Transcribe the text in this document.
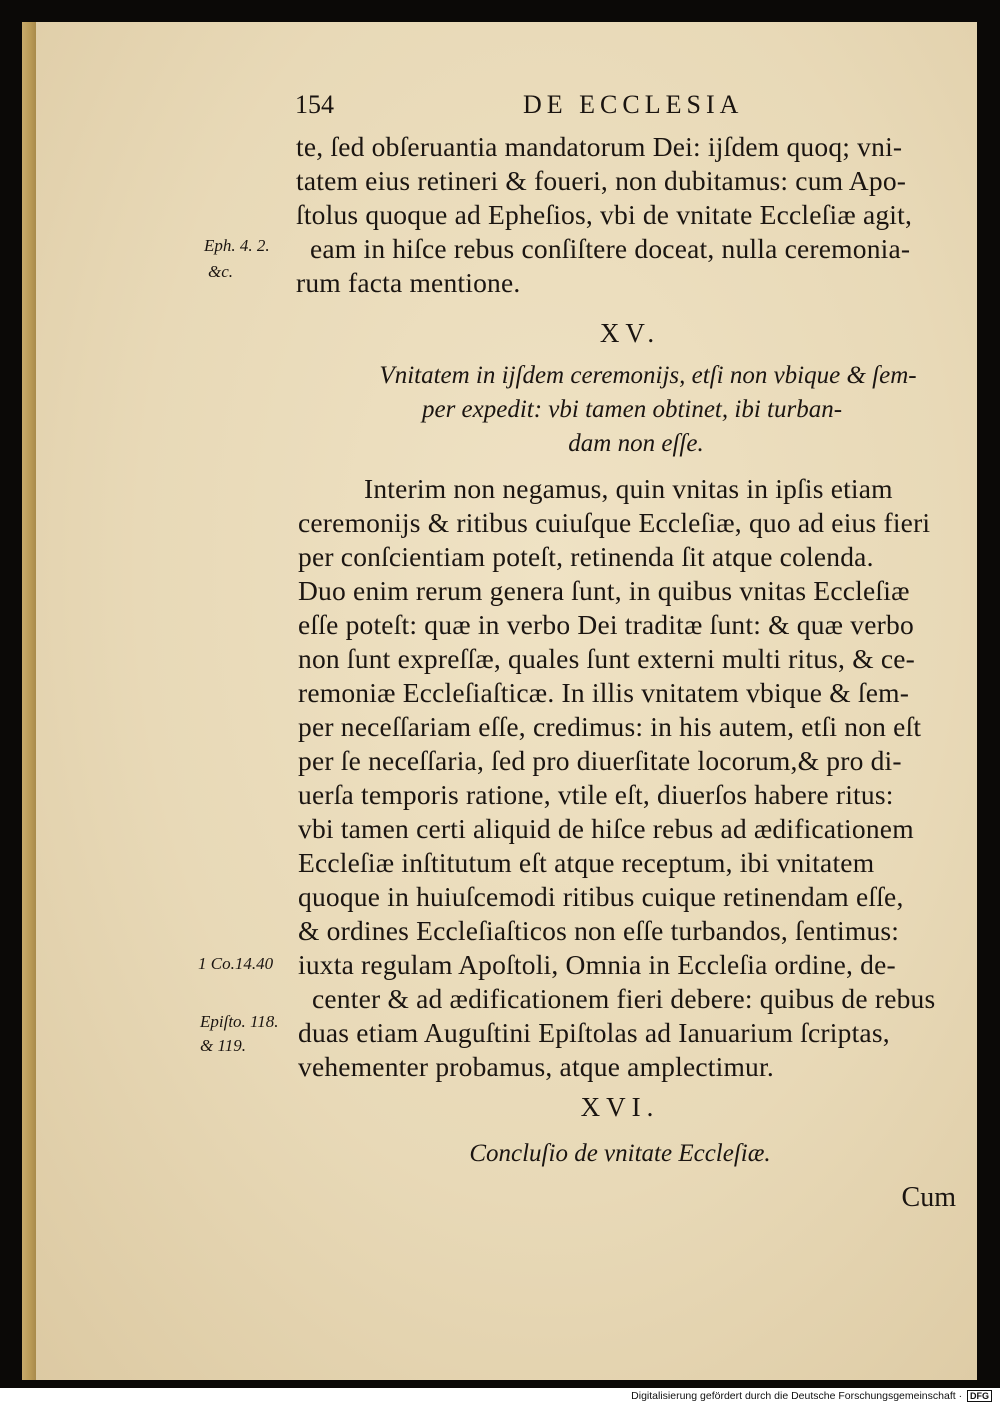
154	DE ECCLESIA
te, ſed obſeruantia mandatorum Dei: ijſdem quoq; vni-
tatem eius retineri & foueri, non dubitamus: cum Apo-
ſtolus quoque ad Epheſios, vbi de vnitate Eccleſiæ agit,
eam in hiſce rebus conſiſtere doceat, nulla ceremonia-
rum facta mentione.
Eph. 4. 2.
&c.
XV.
Vnitatem in ijſdem ceremonijs, etſi non vbique & ſem-
per expedit: vbi tamen obtinet, ibi turban-
dam non eſſe.
Interim non negamus, quin vnitas in ipſis etiam
ceremonijs & ritibus cuiuſque Eccleſiæ, quo ad eius fieri
per conſcientiam poteſt, retinenda ſit atque colenda.
Duo enim rerum genera ſunt, in quibus vnitas Eccleſiæ
eſſe poteſt: quæ in verbo Dei traditæ ſunt: & quæ verbo
non ſunt expreſſæ, quales ſunt externi multi ritus, & ce-
remoniæ Eccleſiaſticæ. In illis vnitatem vbique & ſem-
per neceſſariam eſſe, credimus: in his autem, etſi non eſt
per ſe neceſſaria, ſed pro diuerſitate locorum,& pro di-
uerſa temporis ratione, vtile eſt, diuerſos habere ritus:
vbi tamen certi aliquid de hiſce rebus ad ædificationem
Eccleſiæ inſtitutum eſt atque receptum, ibi vnitatem
quoque in huiuſcemodi ritibus cuique retinendam eſſe,
& ordines Eccleſiaſticos non eſſe turbandos, ſentimus:
iuxta regulam Apoſtoli, Omnia in Eccleſia ordine, de-
center & ad ædificationem fieri debere: quibus de rebus
duas etiam Auguſtini Epiſtolas ad Ianuarium ſcriptas,
vehementer probamus, atque amplectimur.
1 Co.14.40
Epiſto. 118.
& 119.
XVI.
Concluſio de vnitate Eccleſiæ.
Cum
Digitalisierung gefördert durch die Deutsche Forschungsgemeinschaft · DFG
